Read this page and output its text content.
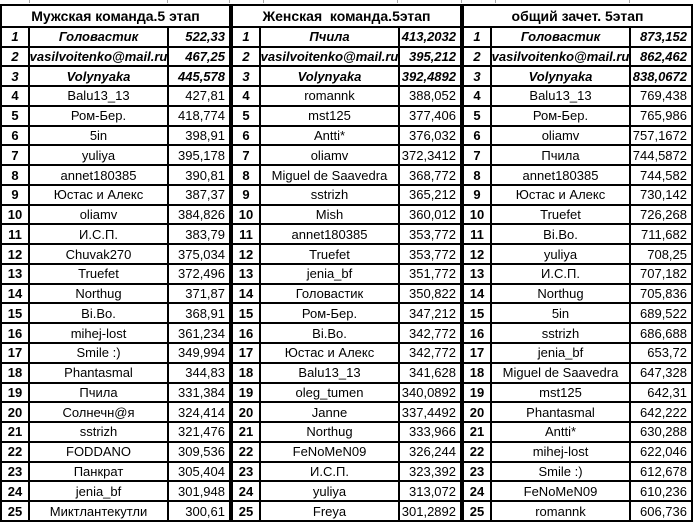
Мужская команда.5 этап
1	Головастик	522,33
2 vasilvoitenko@mail.ru	467,25
3	Volynyaka	445,578
4	Balu13_13	427,81
5	Ром-Бер.	418,774
6	5in	398,91
7	yuliya	395,178
8	annet180385	390,81
9	Юстас и Алекс	387,37
10	oliamv	384,826
11	И.С.П.	383,79
12	Chuvak270	375,034
13	Truefet	372,496
14	Northug	371,87
15	Bi.Bo.	368,91
16	mihej-lost	361,234
17	Smile :)	349,994
18	Phantasmal	344,83
19	Пчила	331,384
20	Солнечн@я	324,414
21	sstrizh	321,476
22	FODDANO	309,536
23	Панкрат	305,404
24	jenia_bf	301,948
25	Миктлантекутли	300,61
Женская  команда.5этап
1	Пчила	413,2032
2 vasilvoitenko@mail.ru 395,212
3	Volynyaka	392,4892
4	romannk	388,052
5	mst125	377,406
6	Antti*	376,032
7	oliamv	372,3412
8	Miguel de Saavedra	368,772
9	sstrizh	365,212
10	Mish	360,012
11	annet180385	353,772
12	Truefet	353,772
13	jenia_bf	351,772
14	Головастик	350,822
15	Ром-Бер.	347,212
16	Bi.Bo.	342,772
17	Юстас и Алекс	342,772
18	Balu13_13	341,628
19	oleg_tumen	340,0892
20	Janne	337,4492
21	Northug	333,966
22	FeNoMeN09	326,244
23	И.С.П.	323,392
24	yuliya	313,072
25	Freya	301,2892
общий зачет. 5этап
1	Головастик	873,152
2 vasilvoitenko@mail.ru 862,462
3	Volynyaka	838,0672
4	Balu13_13	769,438
5	Ром-Бер.	765,986
6	oliamv	757,1672
7	Пчила	744,5872
8	annet180385	744,582
9	Юстас и Алекс	730,142
10	Truefet	726,268
11	Bi.Bo.	711,682
12	yuliya	708,25
13	И.С.П.	707,182
14	Northug	705,836
15	5in	689,522
16	sstrizh	686,688
17	jenia_bf	653,72
18	Miguel de Saavedra	647,328
19	mst125	642,31
20	Phantasmal	642,222
21	Antti*	630,288
22	mihej-lost	622,046
23	Smile :)	612,678
24	FeNoMeN09	610,236
25	romannk	606,736
